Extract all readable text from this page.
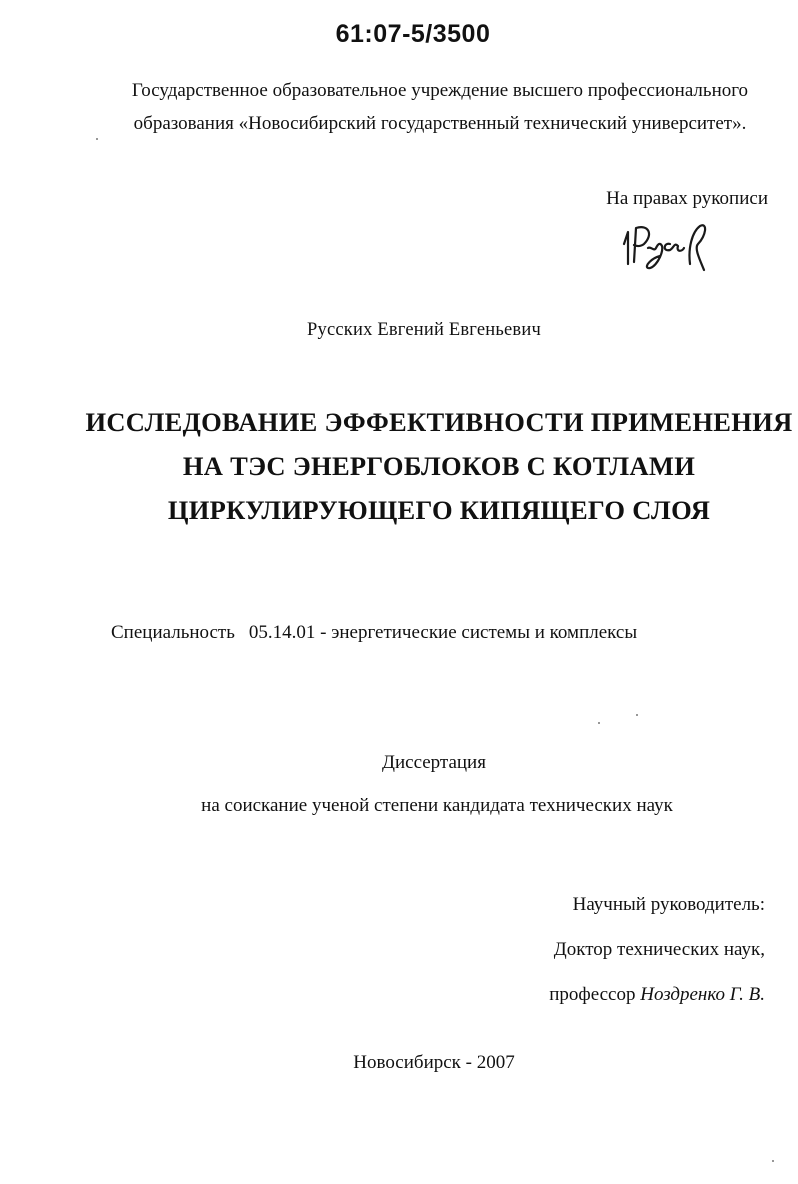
61:07-5/3500
Государственное образовательное учреждение высшего профессионального
образования «Новосибирский государственный технический университет».
На правах рукописи
Русских Евгений Евгеньевич
ИССЛЕДОВАНИЕ ЭФФЕКТИВНОСТИ ПРИМЕНЕНИЯ
НА ТЭС ЭНЕРГОБЛОКОВ С КОТЛАМИ
ЦИРКУЛИРУЮЩЕГО КИПЯЩЕГО СЛОЯ
Специальность 05.14.01 - энергетические системы и комплексы
Диссертация
на соискание ученой степени кандидата технических наук
Научный руководитель:
Доктор технических наук,
профессор Ноздренко Г. В.
Новосибирск - 2007
